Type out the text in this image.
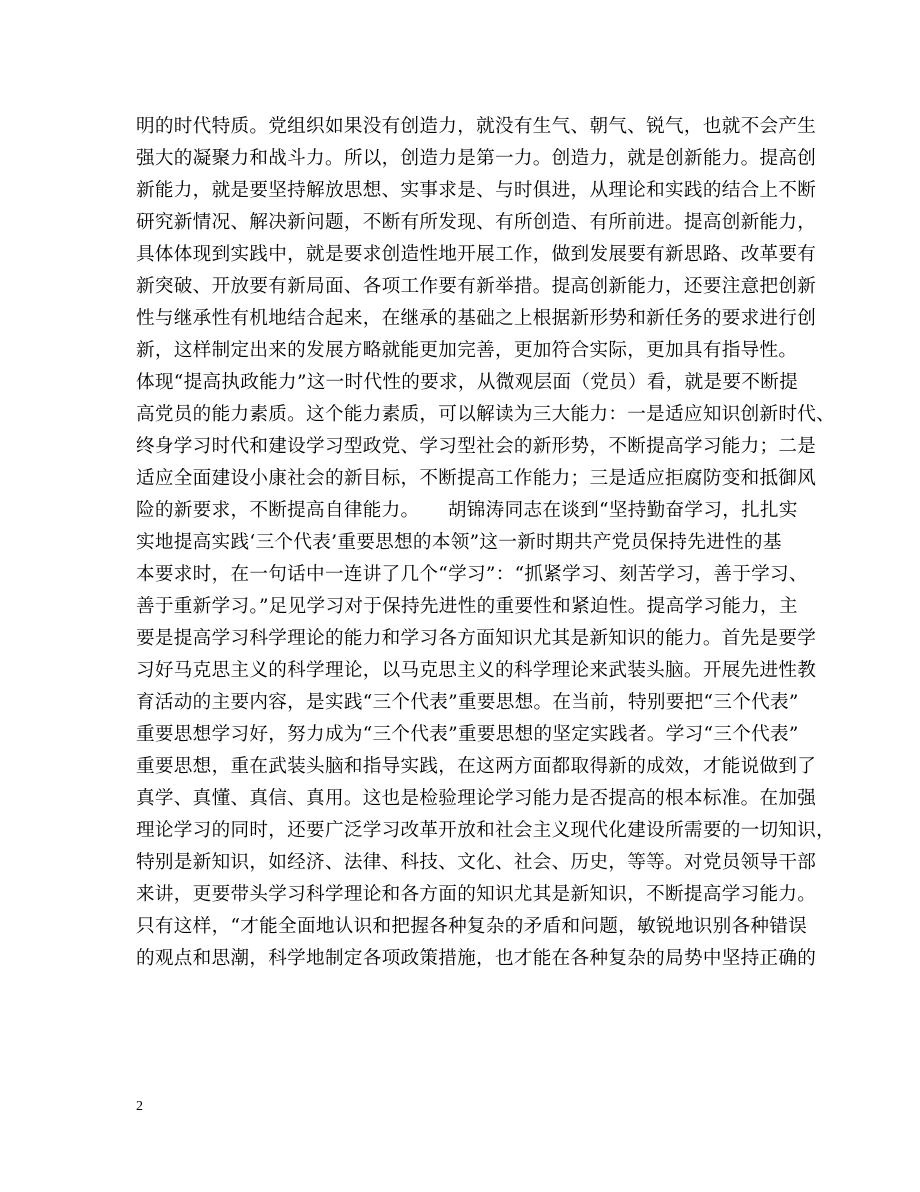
明的时代特质。党组织如果没有创造力，就没有生气、朝气、锐气，也就不会产生
强大的凝聚力和战斗力。所以，创造力是第一力。创造力，就是创新能力。提高创
新能力，就是要坚持解放思想、实事求是、与时俱进，从理论和实践的结合上不断
研究新情况、解决新问题，不断有所发现、有所创造、有所前进。提高创新能力，
具体体现到实践中，就是要求创造性地开展工作，做到发展要有新思路、改革要有
新突破、开放要有新局面、各项工作要有新举措。提高创新能力，还要注意把创新
性与继承性有机地结合起来，在继承的基础之上根据新形势和新任务的要求进行创
新，这样制定出来的发展方略就能更加完善，更加符合实际，更加具有指导性。
体现“提高执政能力”这一时代性的要求，从微观层面（党员）看，就是要不断提
高党员的能力素质。这个能力素质，可以解读为三大能力：一是适应知识创新时代、
终身学习时代和建设学习型政党、学习型社会的新形势，不断提高学习能力；二是
适应全面建设小康社会的新目标，不断提高工作能力；三是适应拒腐防变和抵御风
险的新要求，不断提高自律能力。　　胡锦涛同志在谈到“坚持勤奋学习，扎扎实
实地提高实践‘三个代表’重要思想的本领”这一新时期共产党员保持先进性的基
本要求时，在一句话中一连讲了几个“学习”：“抓紧学习、刻苦学习，善于学习、
善于重新学习。”足见学习对于保持先进性的重要性和紧迫性。提高学习能力，主
要是提高学习科学理论的能力和学习各方面知识尤其是新知识的能力。首先是要学
习好马克思主义的科学理论，以马克思主义的科学理论来武装头脑。开展先进性教
育活动的主要内容，是实践“三个代表”重要思想。在当前，特别要把“三个代表”
重要思想学习好，努力成为“三个代表”重要思想的坚定实践者。学习“三个代表”
重要思想，重在武装头脑和指导实践，在这两方面都取得新的成效，才能说做到了
真学、真懂、真信、真用。这也是检验理论学习能力是否提高的根本标准。在加强
理论学习的同时，还要广泛学习改革开放和社会主义现代化建设所需要的一切知识，
特别是新知识，如经济、法律、科技、文化、社会、历史，等等。对党员领导干部
来讲，更要带头学习科学理论和各方面的知识尤其是新知识，不断提高学习能力。
只有这样，“才能全面地认识和把握各种复杂的矛盾和问题，敏锐地识别各种错误
的观点和思潮，科学地制定各项政策措施，也才能在各种复杂的局势中坚持正确的
2
